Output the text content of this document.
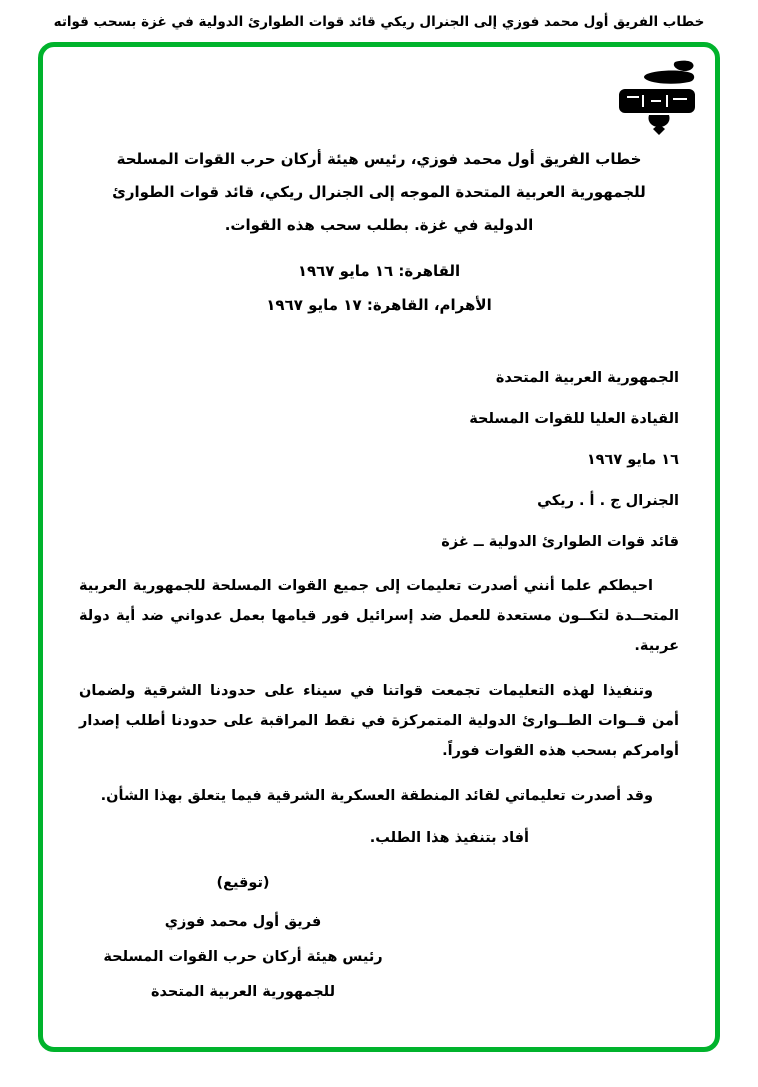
خطاب الفريق أول محمد فوزي إلى الجنرال ريكي قائد قوات الطوارئ الدولية في غزة بسحب قواته
خطاب الفريق أول محمد فوزي، رئيس هيئة أركان حرب القوات المسلحة
للجمهورية العربية المتحدة الموجه إلى الجنرال ريكي، قائد قوات الطوارئ
الدولية في غزة. بطلب سحب هذه القوات.
القاهرة: ١٦ مايو ١٩٦٧
الأهرام، القاهرة: ١٧ مايو ١٩٦٧
الجمهورية العربية المتحدة
القيادة العليا للقوات المسلحة
١٦ مايو ١٩٦٧
الجنرال ج . أ . ريكي
قائد قوات الطوارئ الدولية ــ غزة

احيطكم علما أنني أصدرت تعليمات إلى جميع القوات المسلحة للجمهورية العربية المتحــدة لتكــون مستعدة للعمل ضد إسرائيل فور قيامها بعمل عدواني ضد أية دولة عربية.

وتنفيذا لهذه التعليمات تجمعت قواتنا في سيناء على حدودنا الشرقية ولضمان أمن قــوات الطــوارئ الدولية المتمركزة في نقط المراقبة على حدودنا أطلب إصدار أوامركم بسحب هذه القوات فوراً.

وقد أصدرت تعليماتي لقائد المنطقة العسكرية الشرقية فيما يتعلق بهذا الشأن.

أفاد بتنفيذ هذا الطلب.
(توقيع)
فريق أول محمد فوزي
رئيس هيئة أركان حرب القوات المسلحة
للجمهورية العربية المتحدة
